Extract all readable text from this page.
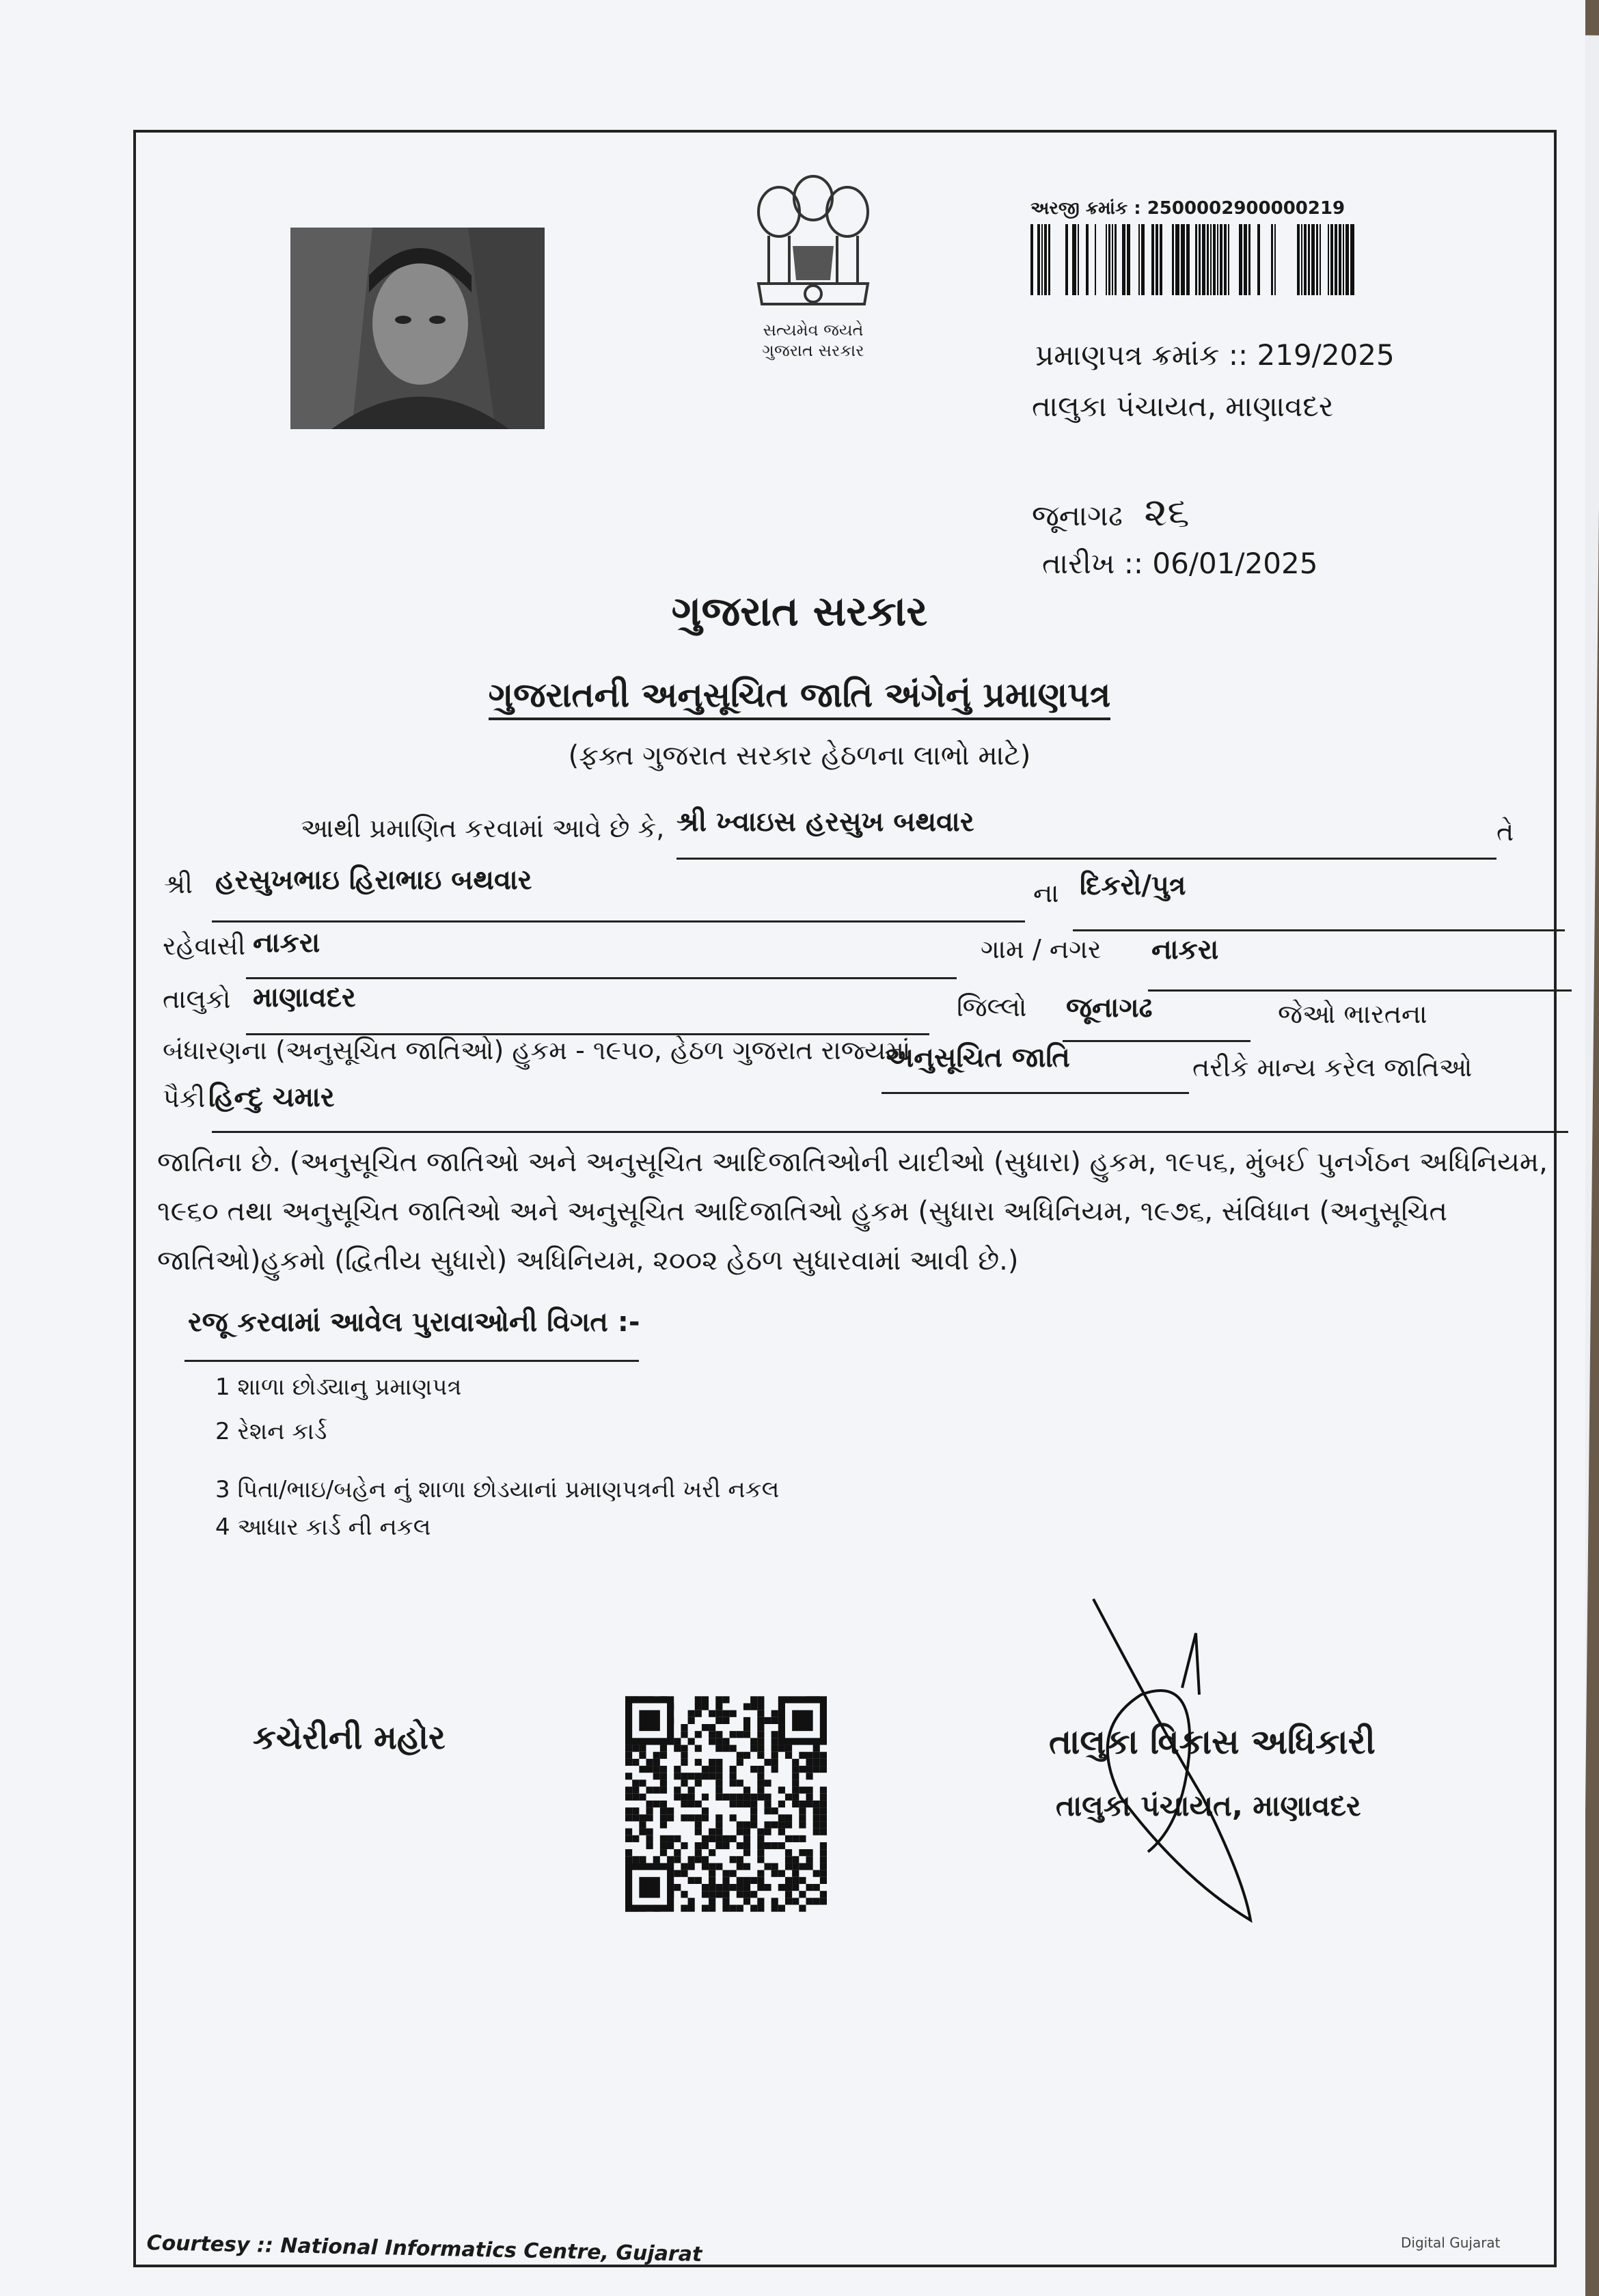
સત્યમેવ જયતે
ગુજરાત સરકાર
અરજી ક્રમાંક : 2500002900000219
પ્રમાણપત્ર ક્રમાંક :: 219/2025
તાલુકા પંચાયત, માણાવદર
જૂનાગઢ ૨૬
તારીખ :: 06/01/2025
ગુજરાત સરકાર
ગુજરાતની અનુસૂચિત જાતિ અંગેનું પ્રમાણપત્ર
(ફક્ત ગુજરાત સરકાર હેઠળના લાભો માટે)
આથી પ્રમાણિત કરવામાં આવે છે કે, શ્રી ખ્વાઇસ હરસુખ બથવાર	તે
શ્રી હરસુખભાઇ હિરાભાઇ બથવાર	ના દિકરો/પુત્ર
રહેવાસી નાકરા	ગામ / નગર નાકરા
તાલુકો માણાવદર	જિલ્લો જૂનાગઢ	જેઓ ભારતના
બંધારણના (અનુસૂચિત જાતિઓ) હુકમ - ૧૯૫૦, હેઠળ ગુજરાત રાજ્યમાં
અનુસૂચિત જાતિ	તરીકે માન્ય કરેલ જાતિઓ
પૈકી હિન્દુ ચમાર
જાતિના છે. (અનુસૂચિત જાતિઓ અને અનુસૂચિત આદિજાતિઓની યાદીઓ (સુધારા) હુકમ, ૧૯૫૬, મુંબઈ પુનર્ગઠન અધિનિયમ, ૧૯૬૦ તથા અનુસૂચિત જાતિઓ અને અનુસૂચિત આદિજાતિઓ હુકમ (સુધારા અધિનિયમ, ૧૯૭૬, સંવિધાન (અનુસૂચિત જાતિઓ)હુકમો (દ્વિતીય સુધારો) અધિનિયમ, ૨૦૦૨ હેઠળ સુધારવામાં આવી છે.)
રજૂ કરવામાં આવેલ પુરાવાઓની વિગત :-
1 શાળા છોડ્યાનુ પ્રમાણપત્ર
2 રેશન કાર્ડ
3 પિતા/ભાઇ/બહેન નું શાળા છોડયાનાં પ્રમાણપત્રની ખરી નકલ
4 આધાર કાર્ડ ની નકલ
કચેરીની મહોર	તાલુકા વિકાસ અધિકારી
તાલુકા પંચાયત, માણાવદર
Courtesy :: National Informatics Centre, Gujarat	Digital Gujarat
